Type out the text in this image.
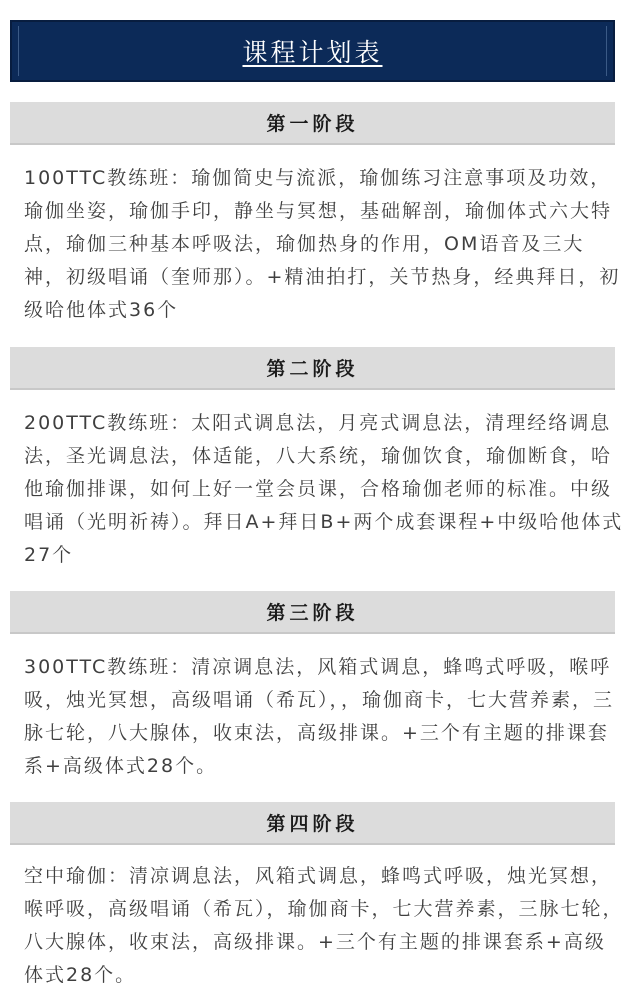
课程计划表
第一阶段

100TTC教练班：瑜伽简史与流派，瑜伽练习注意事项及功效，瑜伽坐姿，瑜伽手印，静坐与冥想，基础解剖，瑜伽体式六大特点，瑜伽三种基本呼吸法，瑜伽热身的作用，OM语音及三大神，初级唱诵（奎师那）。+精油拍打，关节热身，经典拜日，初级哈他体式36个

第二阶段

200TTC教练班：太阳式调息法，月亮式调息法，清理经络调息法，圣光调息法，体适能，八大系统，瑜伽饮食，瑜伽断食，哈他瑜伽排课，如何上好一堂会员课，合格瑜伽老师的标准。中级唱诵（光明祈祷）。拜日A+拜日B+两个成套课程+中级哈他体式27个

第三阶段

300TTC教练班：清凉调息法，风箱式调息，蜂鸣式呼吸，喉呼吸，烛光冥想，高级唱诵（希瓦），，瑜伽商卡，七大营养素，三脉七轮，八大腺体，收束法，高级排课。+三个有主题的排课套系+高级体式28个。

第四阶段

空中瑜伽：清凉调息法，风箱式调息，蜂鸣式呼吸，烛光冥想，喉呼吸，高级唱诵（希瓦），瑜伽商卡，七大营养素，三脉七轮，八大腺体，收束法，高级排课。+三个有主题的排课套系+高级体式28个。
